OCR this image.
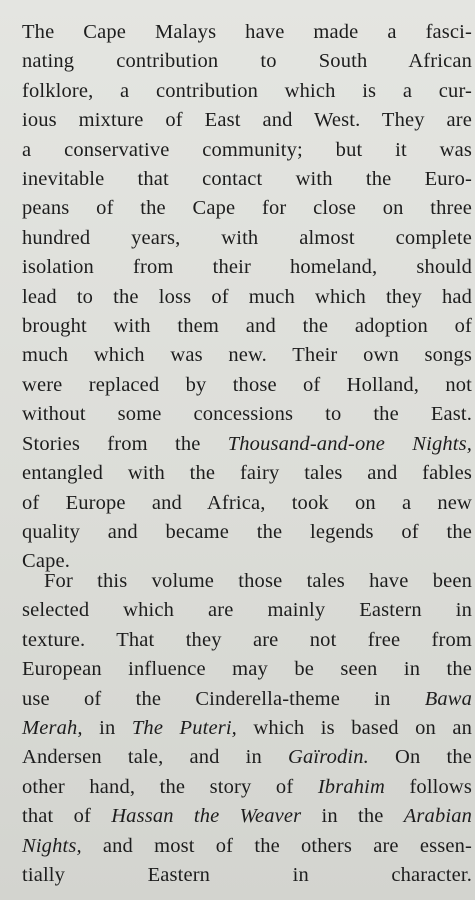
The Cape Malays have made a fasci-
nating contribution to South African
folklore, a contribution which is a cur-
ious mixture of East and West. They are
a conservative community; but it was
inevitable that contact with the Euro-
peans of the Cape for close on three
hundred years, with almost complete
isolation from their homeland, should
lead to the loss of much which they had
brought with them and the adoption of
much which was new. Their own songs
were replaced by those of Holland, not
without some concessions to the East.
Stories from the Thousand-and-one Nights,
entangled with the fairy tales and fables
of Europe and Africa, took on a new
quality and became the legends of the
Cape.
For this volume those tales have been
selected which are mainly Eastern in
texture. That they are not free from
European influence may be seen in the
use of the Cinderella-theme in Bawa
Merah, in The Puteri, which is based on an
Andersen tale, and in Gaïrodin. On the
other hand, the story of Ibrahim follows
that of Hassan the Weaver in the Arabian
Nights, and most of the others are essen-
tially Eastern in character.
